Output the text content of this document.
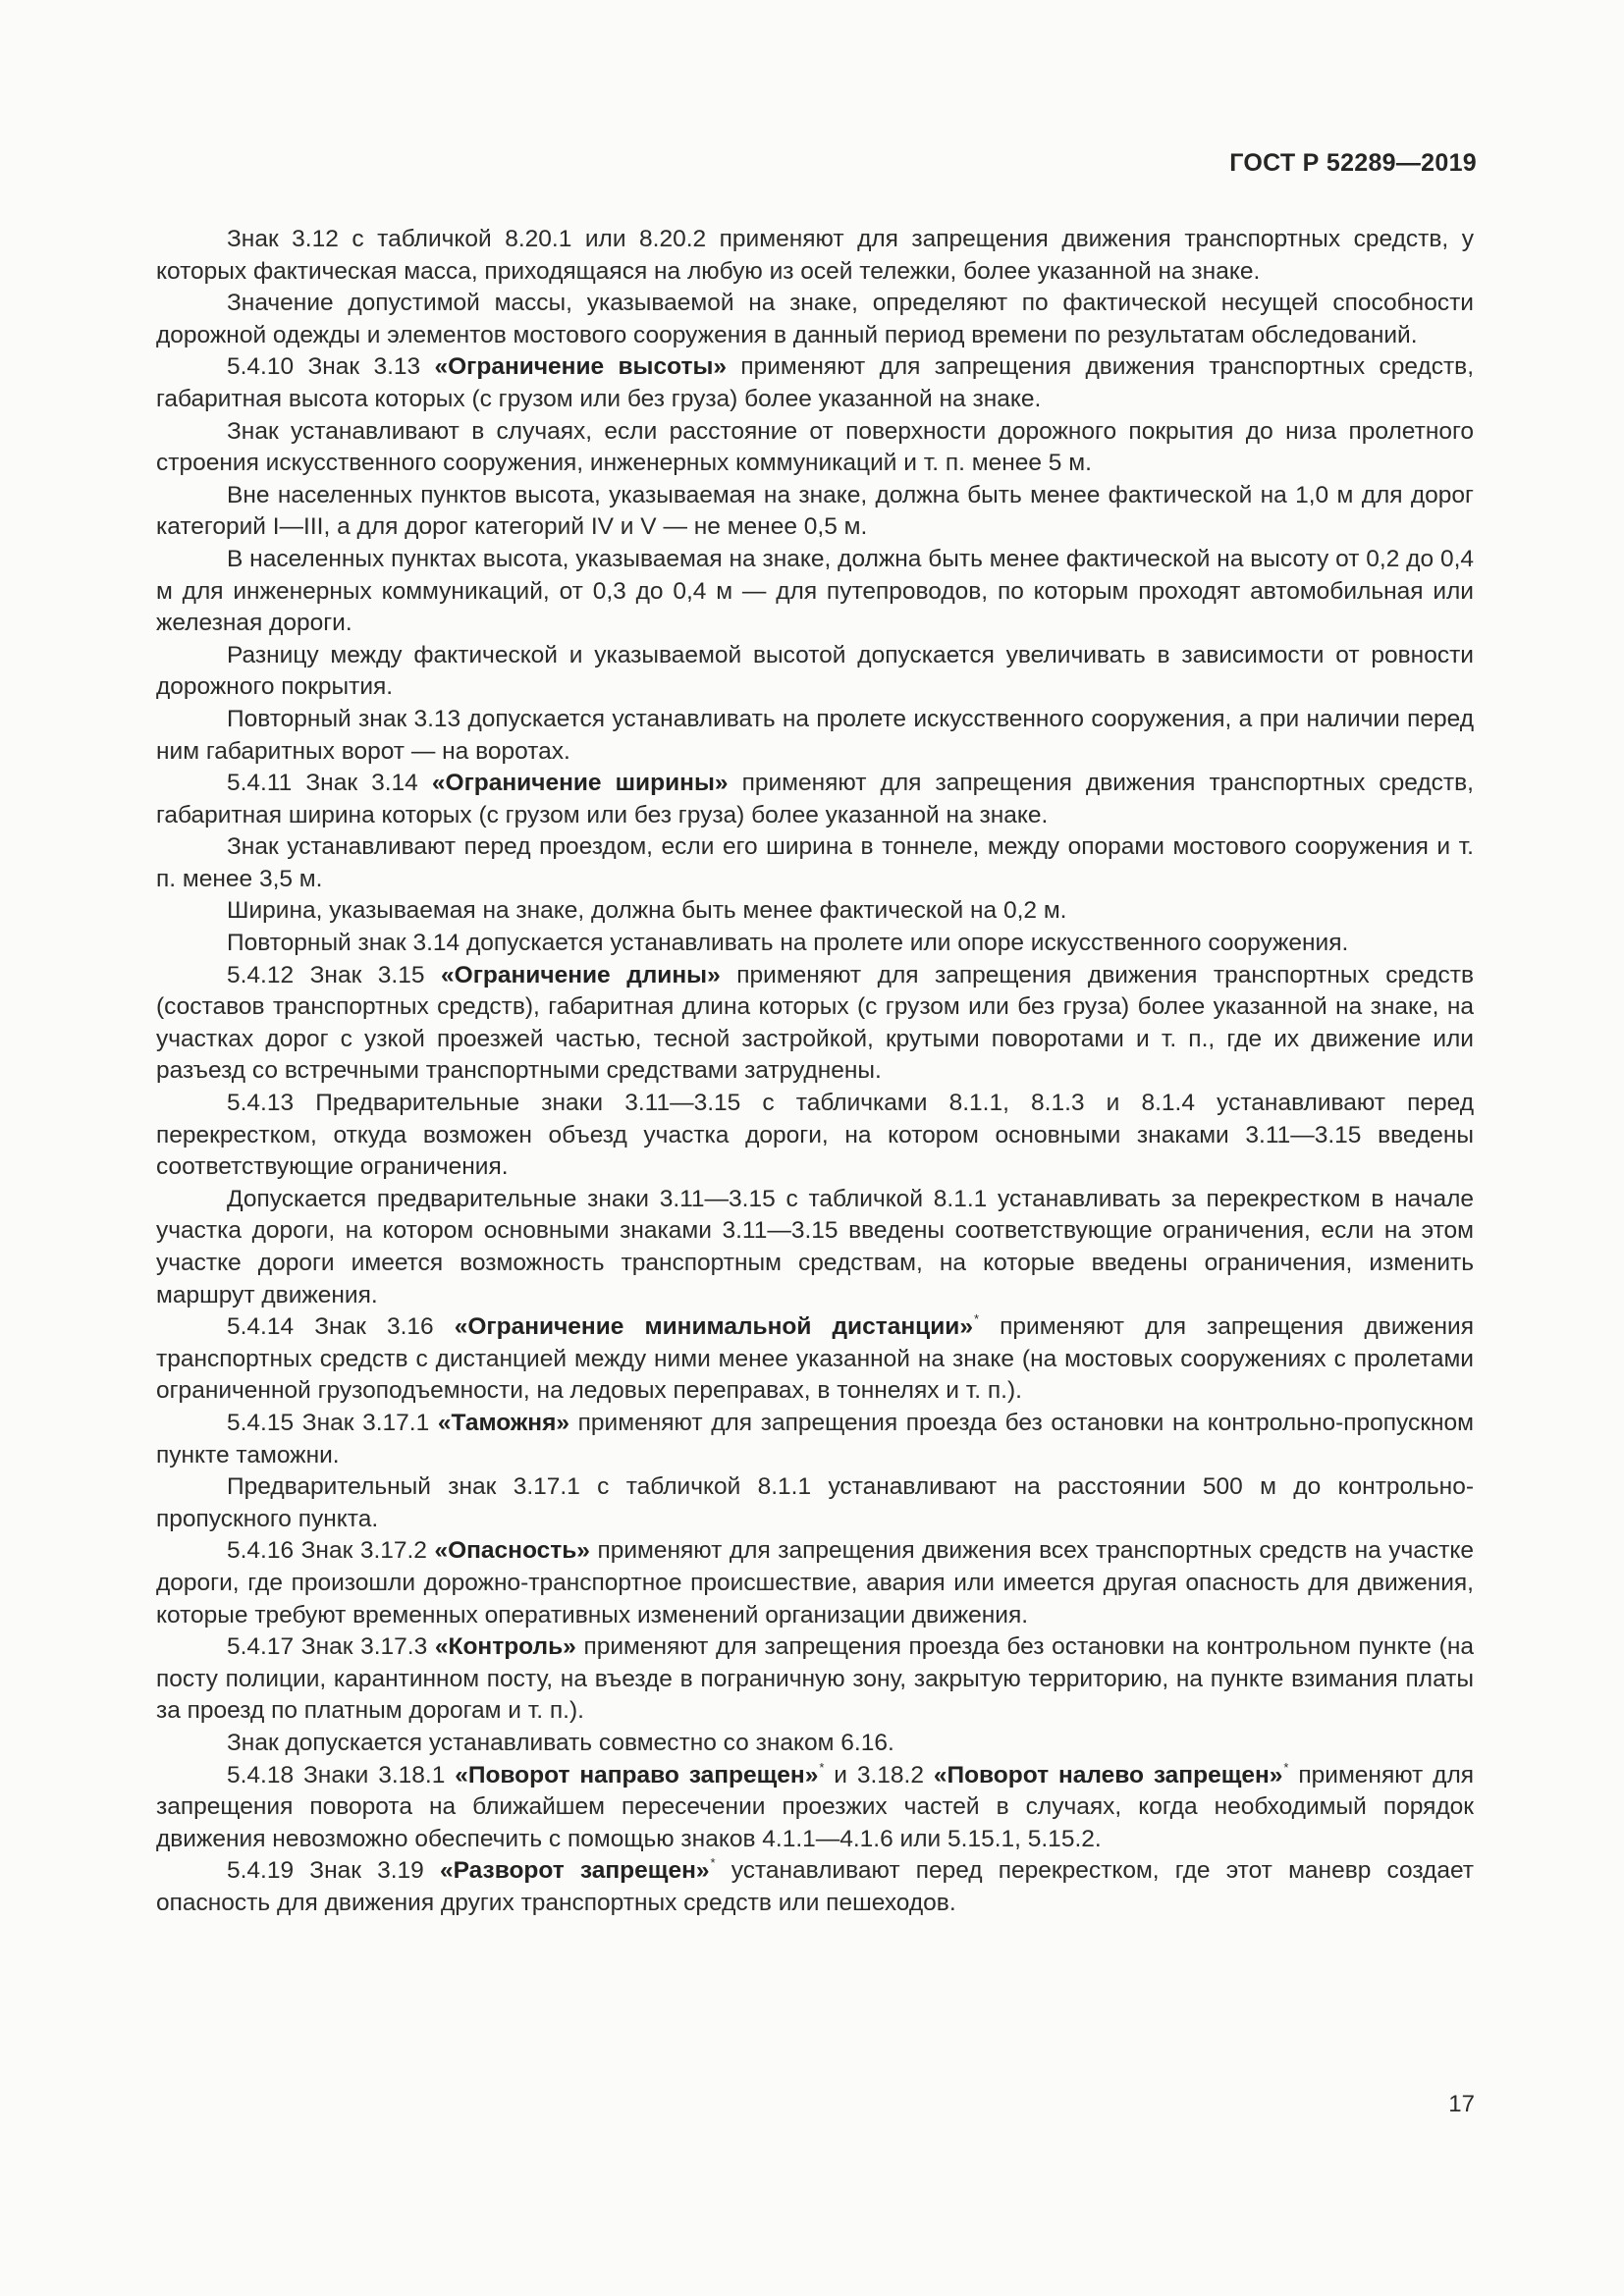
ГОСТ Р 52289—2019

Знак 3.12 с табличкой 8.20.1 или 8.20.2 применяют для запрещения движения транспортных средств, у которых фактическая масса, приходящаяся на любую из осей тележки, более указанной на знаке.

Значение допустимой массы, указываемой на знаке, определяют по фактической несущей способности дорожной одежды и элементов мостового сооружения в данный период времени по результатам обследований.

5.4.10 Знак 3.13 «Ограничение высоты» применяют для запрещения движения транспортных средств, габаритная высота которых (с грузом или без груза) более указанной на знаке.

Знак устанавливают в случаях, если расстояние от поверхности дорожного покрытия до низа пролетного строения искусственного сооружения, инженерных коммуникаций и т. п. менее 5 м.

Вне населенных пунктов высота, указываемая на знаке, должна быть менее фактической на 1,0 м для дорог категорий I—III, а для дорог категорий IV и V — не менее 0,5 м.

В населенных пунктах высота, указываемая на знаке, должна быть менее фактической на высоту от 0,2 до 0,4 м для инженерных коммуникаций, от 0,3 до 0,4 м — для путепроводов, по которым проходят автомобильная или железная дороги.

Разницу между фактической и указываемой высотой допускается увеличивать в зависимости от ровности дорожного покрытия.

Повторный знак 3.13 допускается устанавливать на пролете искусственного сооружения, а при наличии перед ним габаритных ворот — на воротах.

5.4.11 Знак 3.14 «Ограничение ширины» применяют для запрещения движения транспортных средств, габаритная ширина которых (с грузом или без груза) более указанной на знаке.

Знак устанавливают перед проездом, если его ширина в тоннеле, между опорами мостового сооружения и т. п. менее 3,5 м.

Ширина, указываемая на знаке, должна быть менее фактической на 0,2 м.

Повторный знак 3.14 допускается устанавливать на пролете или опоре искусственного сооружения.

5.4.12 Знак 3.15 «Ограничение длины» применяют для запрещения движения транспортных средств (составов транспортных средств), габаритная длина которых (с грузом или без груза) более указанной на знаке, на участках дорог с узкой проезжей частью, тесной застройкой, крутыми поворотами и т. п., где их движение или разъезд со встречными транспортными средствами затруднены.

5.4.13 Предварительные знаки 3.11—3.15 с табличками 8.1.1, 8.1.3 и 8.1.4 устанавливают перед перекрестком, откуда возможен объезд участка дороги, на котором основными знаками 3.11—3.15 введены соответствующие ограничения.

Допускается предварительные знаки 3.11—3.15 с табличкой 8.1.1 устанавливать за перекрестком в начале участка дороги, на котором основными знаками 3.11—3.15 введены соответствующие ограничения, если на этом участке дороги имеется возможность транспортным средствам, на которые введены ограничения, изменить маршрут движения.

5.4.14 Знак 3.16 «Ограничение минимальной дистанции»* применяют для запрещения движения транспортных средств с дистанцией между ними менее указанной на знаке (на мостовых сооружениях с пролетами ограниченной грузоподъемности, на ледовых переправах, в тоннелях и т. п.).

5.4.15 Знак 3.17.1 «Таможня» применяют для запрещения проезда без остановки на контрольно-пропускном пункте таможни.

Предварительный знак 3.17.1 с табличкой 8.1.1 устанавливают на расстоянии 500 м до контрольно-пропускного пункта.

5.4.16 Знак 3.17.2 «Опасность» применяют для запрещения движения всех транспортных средств на участке дороги, где произошли дорожно-транспортное происшествие, авария или имеется другая опасность для движения, которые требуют временных оперативных изменений организации движения.

5.4.17 Знак 3.17.3 «Контроль» применяют для запрещения проезда без остановки на контрольном пункте (на посту полиции, карантинном посту, на въезде в пограничную зону, закрытую территорию, на пункте взимания платы за проезд по платным дорогам и т. п.).

Знак допускается устанавливать совместно со знаком 6.16.

5.4.18 Знаки 3.18.1 «Поворот направо запрещен»* и 3.18.2 «Поворот налево запрещен»* применяют для запрещения поворота на ближайшем пересечении проезжих частей в случаях, когда необходимый порядок движения невозможно обеспечить с помощью знаков 4.1.1—4.1.6 или 5.15.1, 5.15.2.

5.4.19 Знак 3.19 «Разворот запрещен»* устанавливают перед перекрестком, где этот маневр создает опасность для движения других транспортных средств или пешеходов.

17
